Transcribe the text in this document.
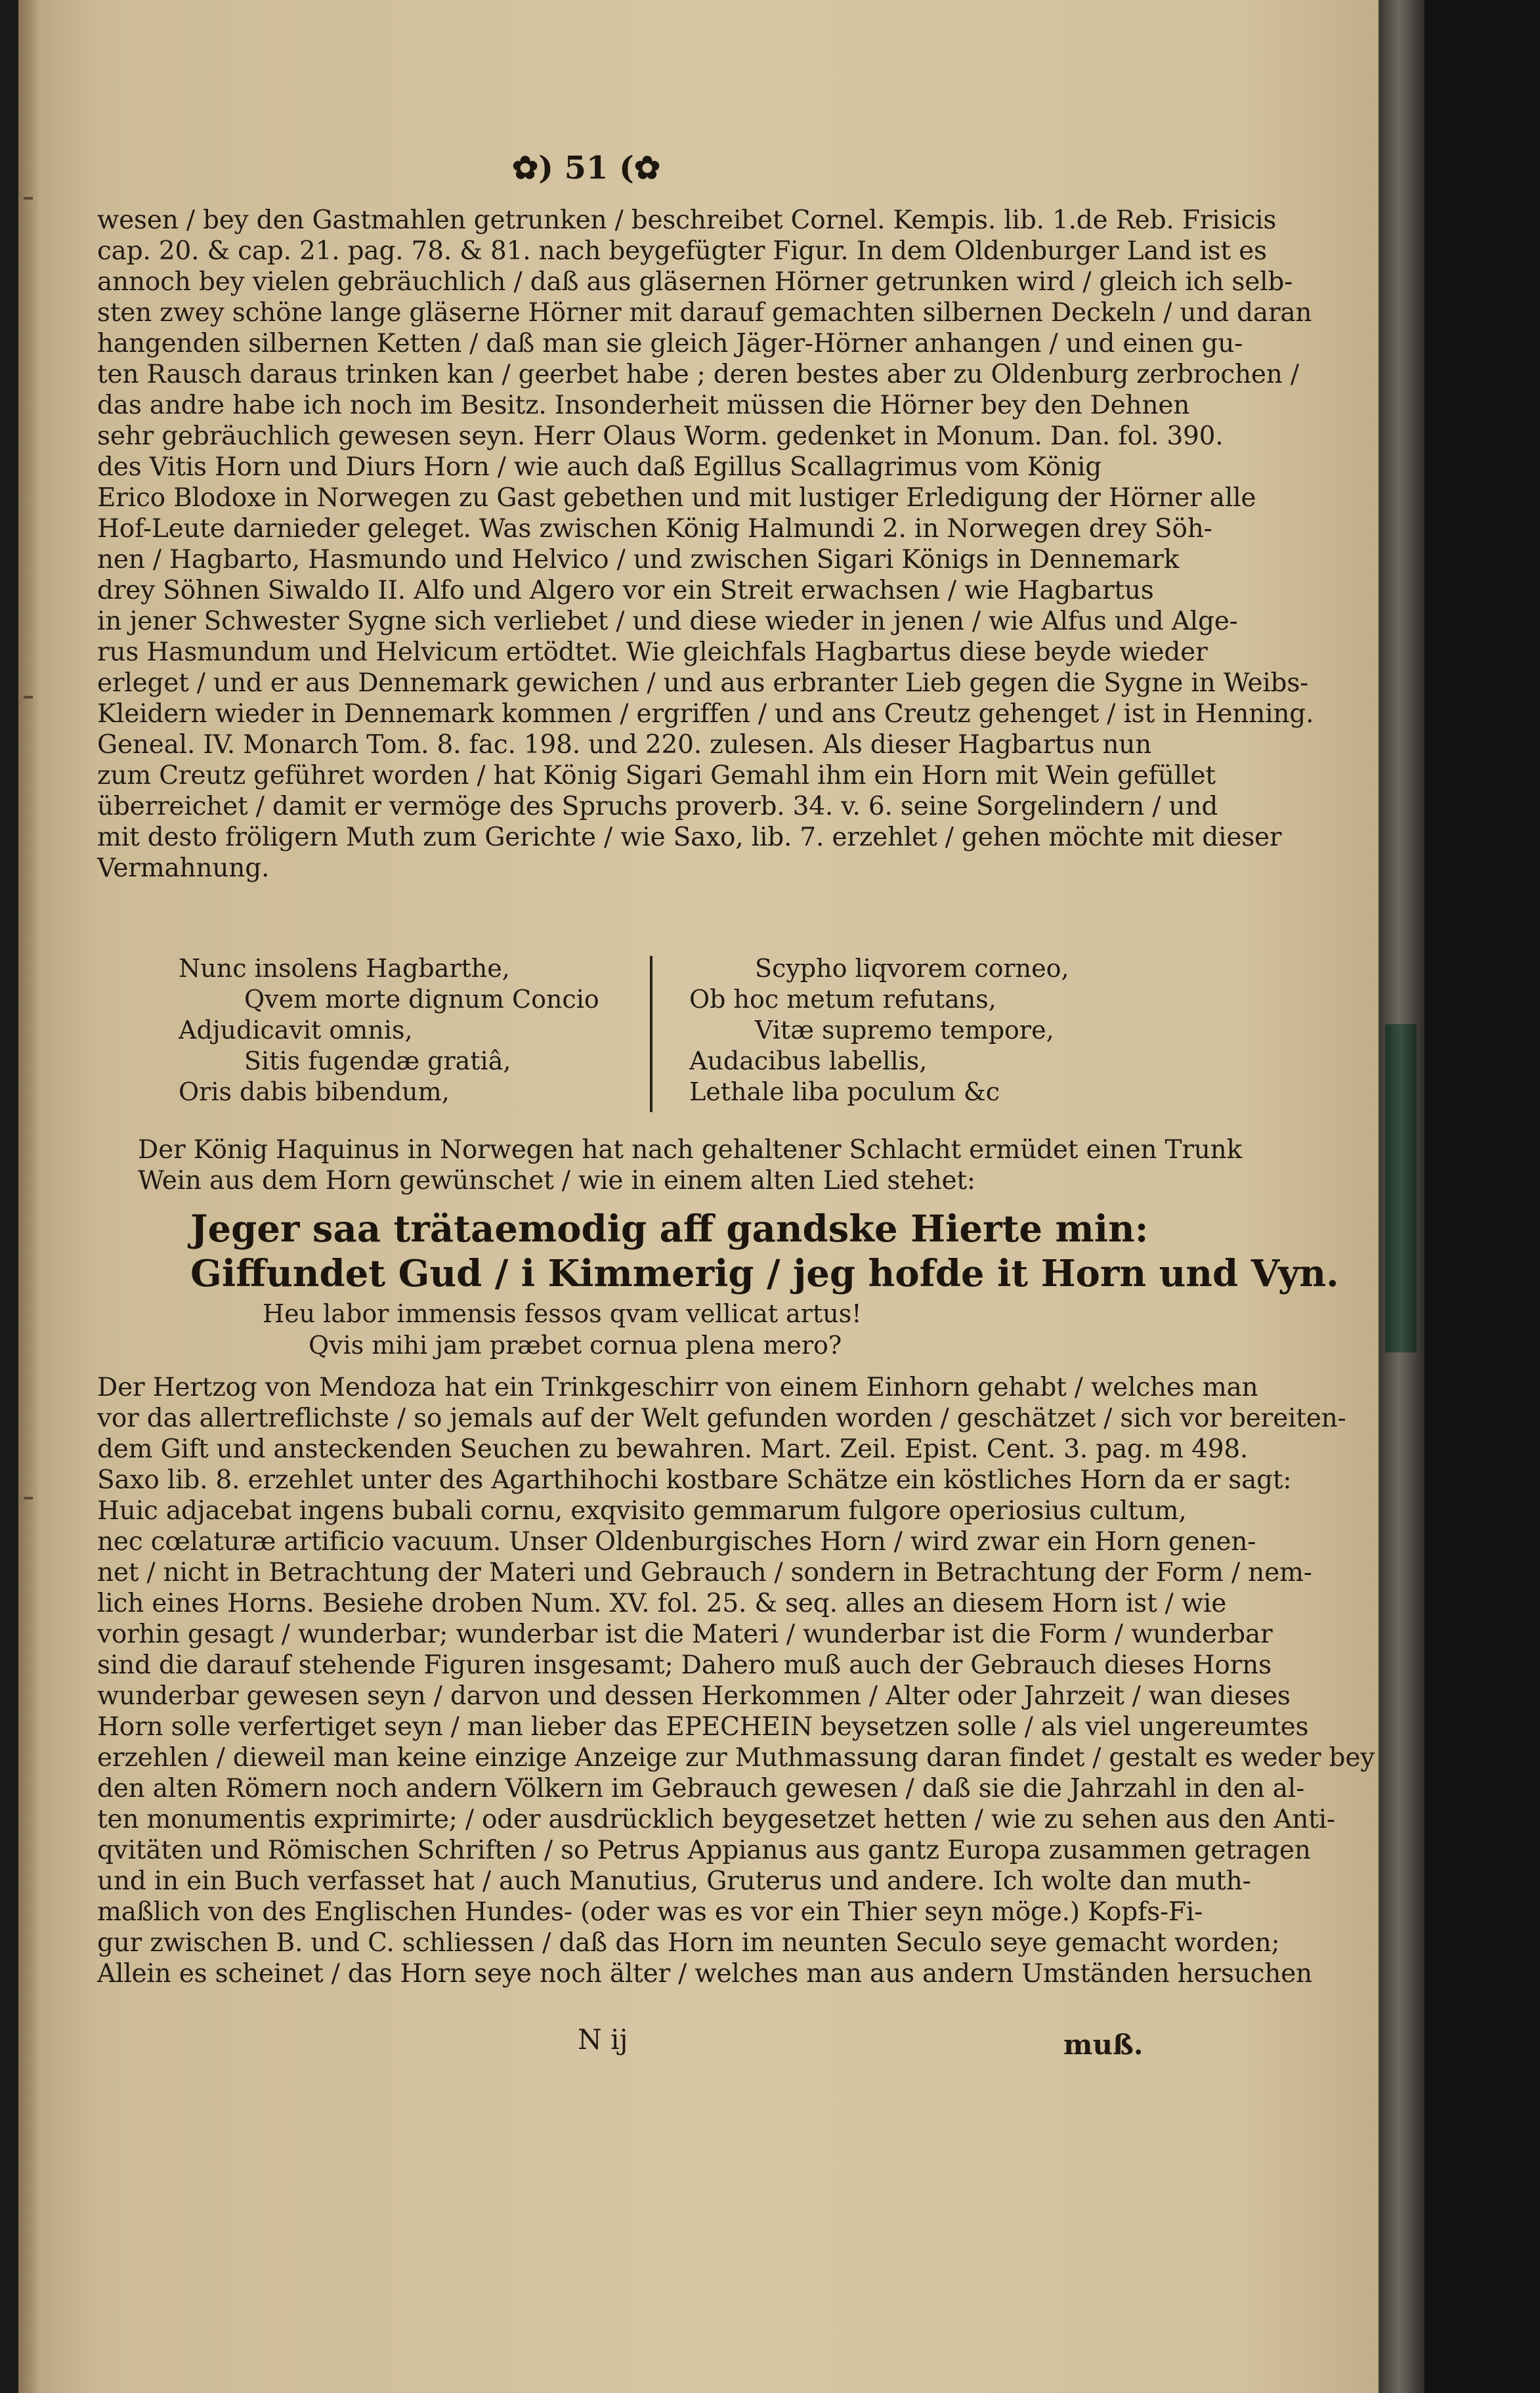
✿) 51 (✿
wesen / bey den Gastmahlen getrunken / beschreibet Cornel. Kempis. lib. 1.de Reb. Frisicis
cap. 20. & cap. 21. pag. 78. & 81. nach beygefügter Figur. In dem Oldenburger Land ist es
annoch bey vielen gebräuchlich / daß aus gläsernen Hörner getrunken wird / gleich ich selb-
sten zwey schöne lange gläserne Hörner mit darauf gemachten silbernen Deckeln / und daran
hangenden silbernen Ketten / daß man sie gleich Jäger-Hörner anhangen / und einen gu-
ten Rausch daraus trinken kan / geerbet habe ; deren bestes aber zu Oldenburg zerbrochen /
das andre habe ich noch im Besitz. Insonderheit müssen die Hörner bey den Dehnen
sehr gebräuchlich gewesen seyn. Herr Olaus Worm. gedenket in Monum. Dan. fol. 390.
des Vitis Horn und Diurs Horn / wie auch daß Egillus Scallagrimus vom König
Erico Blodoxe in Norwegen zu Gast gebethen und mit lustiger Erledigung der Hörner alle
Hof-Leute darnieder geleget. Was zwischen König Halmundi 2. in Norwegen drey Söh-
nen / Hagbarto, Hasmundo und Helvico / und zwischen Sigari Königs in Dennemark
drey Söhnen Siwaldo II. Alfo und Algero vor ein Streit erwachsen / wie Hagbartus
in jener Schwester Sygne sich verliebet / und diese wieder in jenen / wie Alfus und Alge-
rus Hasmundum und Helvicum ertödtet. Wie gleichfals Hagbartus diese beyde wieder
erleget / und er aus Dennemark gewichen / und aus erbranter Lieb gegen die Sygne in Weibs-
Kleidern wieder in Dennemark kommen / ergriffen / und ans Creutz gehenget / ist in Henning.
Geneal. IV. Monarch Tom. 8. fac. 198. und 220. zulesen. Als dieser Hagbartus nun
zum Creutz geführet worden / hat König Sigari Gemahl ihm ein Horn mit Wein gefüllet
überreichet / damit er vermöge des Spruchs proverb. 34. v. 6. seine Sorgelindern / und
mit desto fröligern Muth zum Gerichte / wie Saxo, lib. 7. erzehlet / gehen möchte mit dieser
Vermahnung.
Nunc insolens Hagbarthe,
Qvem morte dignum Concio
Adjudicavit omnis,
Sitis fugendæ gratiâ,
Oris dabis bibendum,
Scypho liqvorem corneo,
Ob hoc metum refutans,
Vitæ supremo tempore,
Audacibus labellis,
Lethale liba poculum &c
Der König Haquinus in Norwegen hat nach gehaltener Schlacht ermüdet einen Trunk
Wein aus dem Horn gewünschet / wie in einem alten Lied stehet:
Jeger saa trätaemodig aff gandske Hierte min:
Giffundet Gud / i Kimmerig / jeg hofde it Horn und Vyn.
Heu labor immensis fessos qvam vellicat artus!
Qvis mihi jam præbet cornua plena mero?
Der Hertzog von Mendoza hat ein Trinkgeschirr von einem Einhorn gehabt / welches man
vor das allertreflichste / so jemals auf der Welt gefunden worden / geschätzet / sich vor bereiten-
dem Gift und ansteckenden Seuchen zu bewahren. Mart. Zeil. Epist. Cent. 3. pag. m 498.
Saxo lib. 8. erzehlet unter des Agarthihochi kostbare Schätze ein köstliches Horn da er sagt:
Huic adjacebat ingens bubali cornu, exqvisito gemmarum fulgore operiosius cultum,
nec cœlaturæ artificio vacuum. Unser Oldenburgisches Horn / wird zwar ein Horn genen-
net / nicht in Betrachtung der Materi und Gebrauch / sondern in Betrachtung der Form / nem-
lich eines Horns. Besiehe droben Num. XV. fol. 25. & seq. alles an diesem Horn ist / wie
vorhin gesagt / wunderbar; wunderbar ist die Materi / wunderbar ist die Form / wunderbar
sind die darauf stehende Figuren insgesamt; Dahero muß auch der Gebrauch dieses Horns
wunderbar gewesen seyn / darvon und dessen Herkommen / Alter oder Jahrzeit / wan dieses
Horn solle verfertiget seyn / man lieber das EPECHEIN beysetzen solle / als viel ungereumtes
erzehlen / dieweil man keine einzige Anzeige zur Muthmassung daran findet / gestalt es weder bey
den alten Römern noch andern Völkern im Gebrauch gewesen / daß sie die Jahrzahl in den al-
ten monumentis exprimirte; / oder ausdrücklich beygesetzet hetten / wie zu sehen aus den Anti-
qvitäten und Römischen Schriften / so Petrus Appianus aus gantz Europa zusammen getragen
und in ein Buch verfasset hat / auch Manutius, Gruterus und andere. Ich wolte dan muth-
maßlich von des Englischen Hundes- (oder was es vor ein Thier seyn möge.) Kopfs-Fi-
gur zwischen B. und C. schliessen / daß das Horn im neunten Seculo seye gemacht worden;
Allein es scheinet / das Horn seye noch älter / welches man aus andern Umständen hersuchen
N ij	muß.
